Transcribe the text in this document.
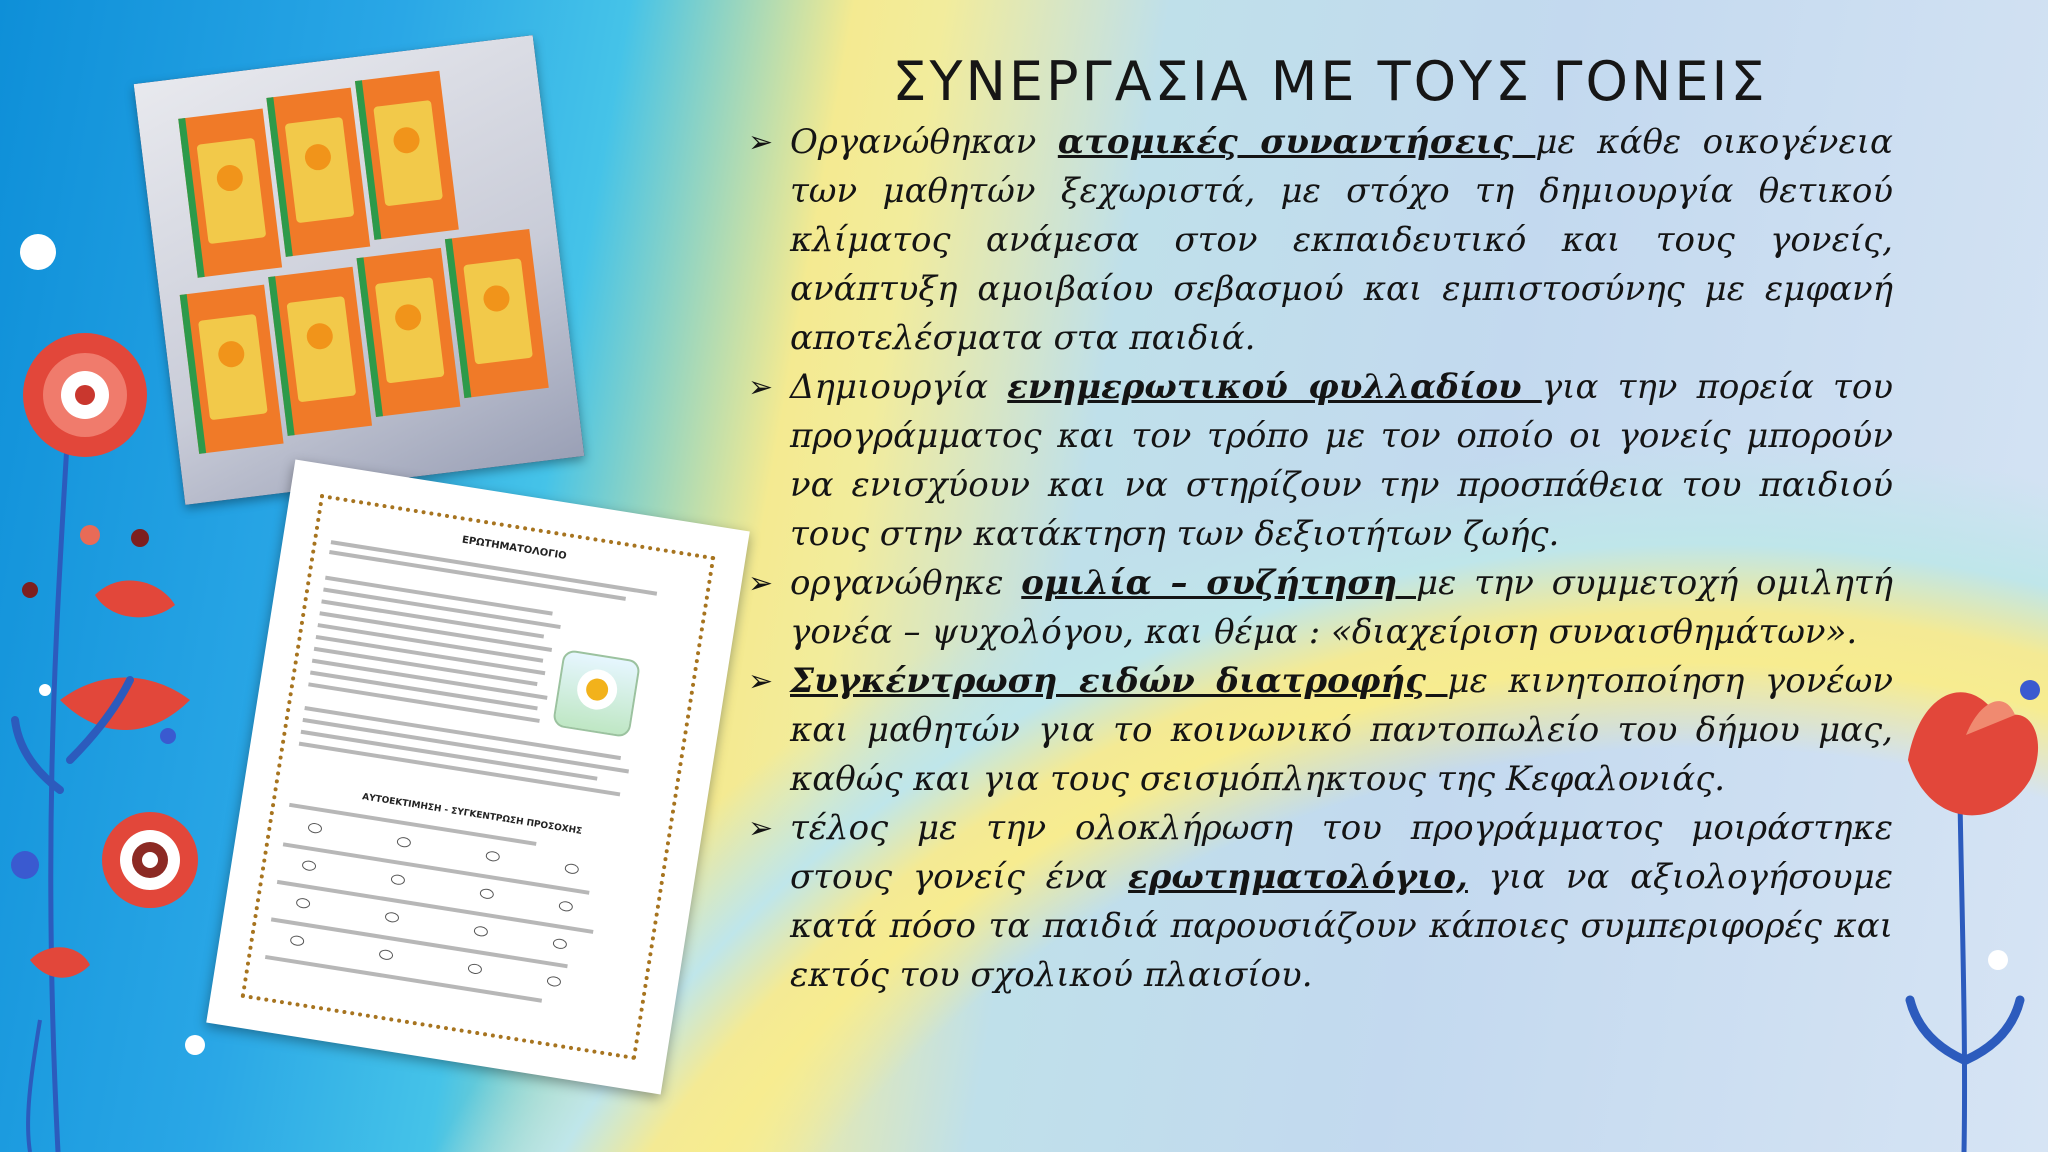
ΕΡΩΤΗΜΑΤΟΛΟΓΙΟ
ΑΥΤΟΕΚΤΙΜΗΣΗ - ΣΥΓΚΕΝΤΡΩΣΗ ΠΡΟΣΟΧΗΣ
ΣΥΝΕΡΓΑΣΙΑ ΜΕ ΤΟΥΣ ΓΟΝΕΙΣ

➢ Οργανώθηκαν ατομικές συναντήσεις με κάθε οικογένεια των μαθητών ξεχωριστά, με στόχο τη δημιουργία θετικού κλίματος ανάμεσα στον εκπαιδευτικό και τους γονείς, ανάπτυξη αμοιβαίου σεβασμού και εμπιστοσύνης με εμφανή αποτελέσματα στα παιδιά.

➢ Δημιουργία ενημερωτικού φυλλαδίου για την πορεία του προγράμματος και τον τρόπο με τον οποίο οι γονείς μπορούν να ενισχύουν και να στηρίζουν την προσπάθεια του παιδιού τους στην κατάκτηση των δεξιοτήτων ζωής.

➢ οργανώθηκε ομιλία – συζήτηση με την συμμετοχή ομιλητή γονέα – ψυχολόγου, και θέμα : «διαχείριση συναισθημάτων».

➢ Συγκέντρωση ειδών διατροφής με κινητοποίηση γονέων και μαθητών για το κοινωνικό παντοπωλείο του δήμου μας, καθώς και για τους σεισμόπληκτους της Κεφαλονιάς.

➢ τέλος με την ολοκλήρωση του προγράμματος μοιράστηκε στους γονείς ένα ερωτηματολόγιο, για να αξιολογήσουμε κατά πόσο τα παιδιά παρουσιάζουν κάποιες συμπεριφορές και εκτός του σχολικού πλαισίου.
